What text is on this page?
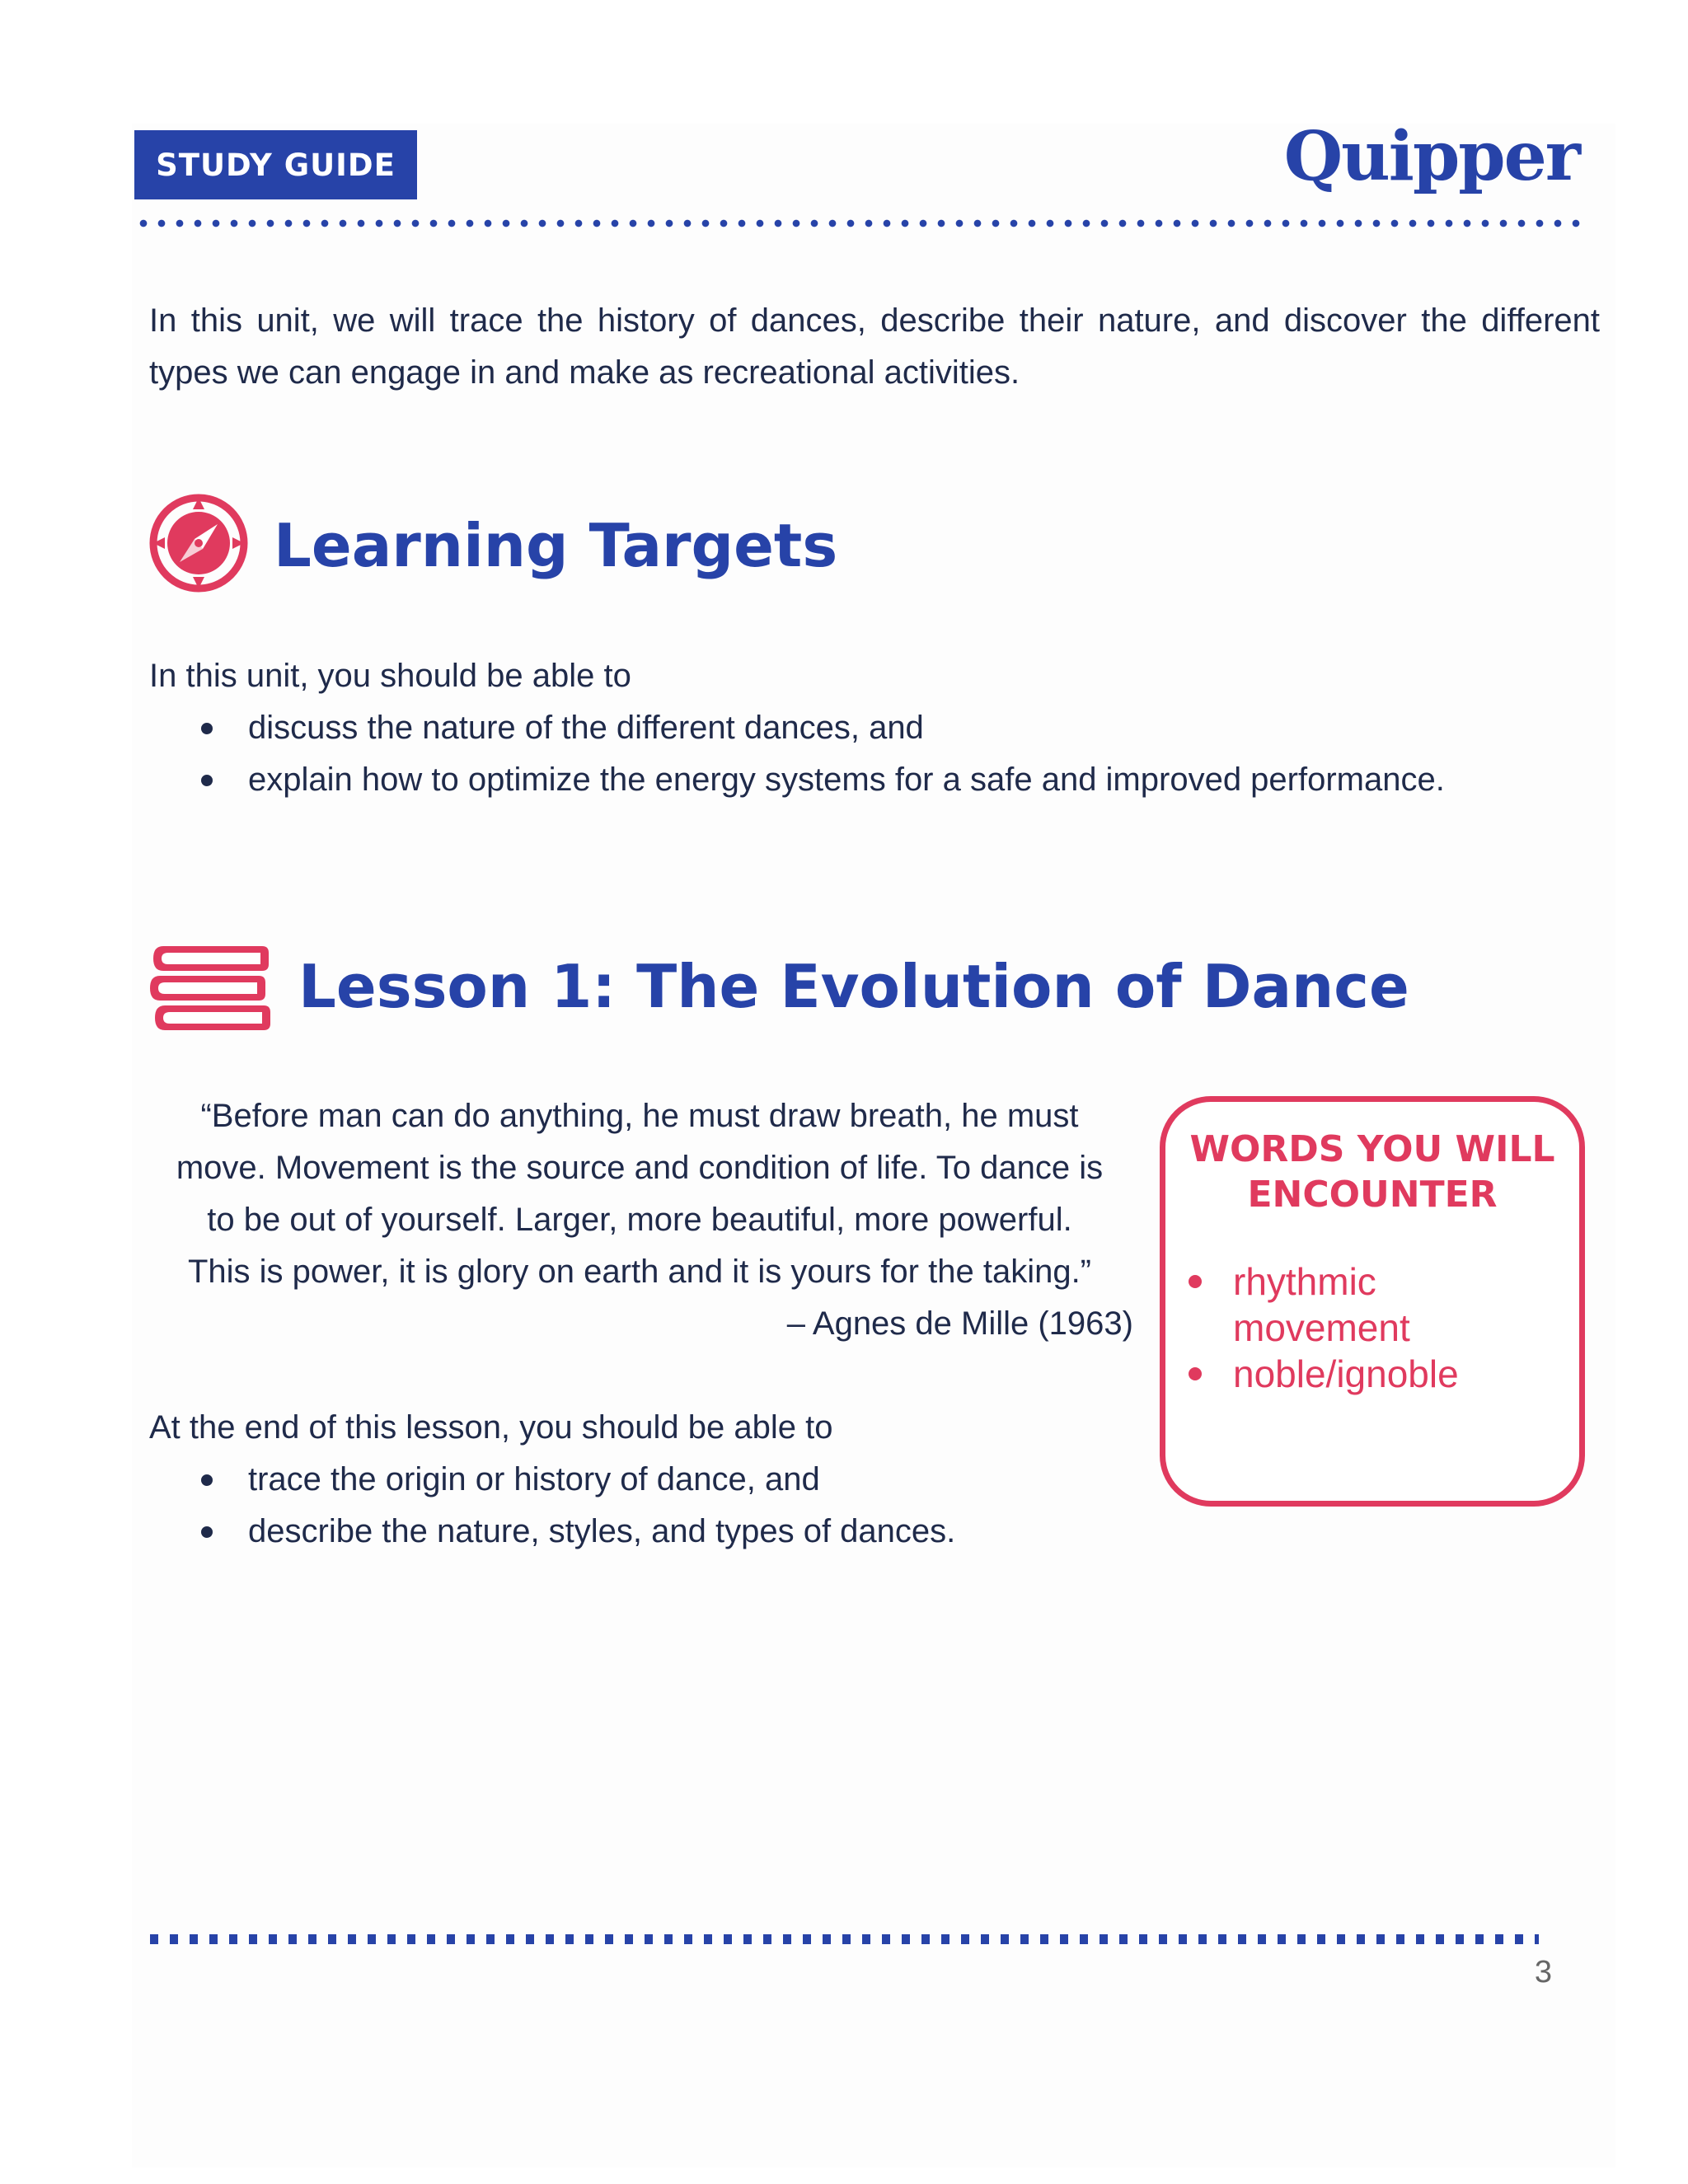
STUDY GUIDE	Quipper
In this unit, we will trace the history of dances, describe their nature, and discover the different types we can engage in and make as recreational activities.
Learning Targets
In this unit, you should be able to
discuss the nature of the different dances, and
explain how to optimize the energy systems for a safe and improved performance.
Lesson 1: The Evolution of Dance
“Before man can do anything, he must draw breath, he must
move. Movement is the source and condition of life. To dance is
to be out of yourself. Larger, more beautiful, more powerful.
This is power, it is glory on earth and it is yours for the taking.”
– Agnes de Mille (1963)
At the end of this lesson, you should be able to
trace the origin or history of dance, and
describe the nature, styles, and types of dances.
WORDS YOU WILL
ENCOUNTER
rhythmic movement
noble/ignoble
3
